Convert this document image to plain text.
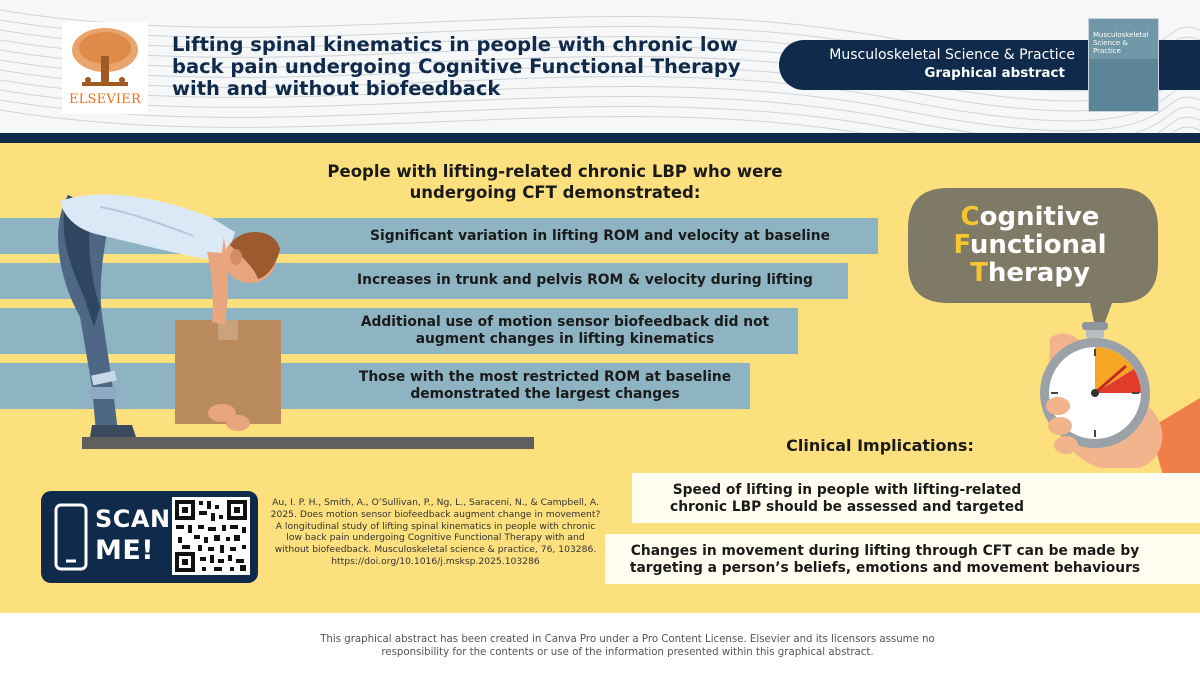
ELSEVIER
Lifting spinal kinematics in people with chronic low back pain undergoing Cognitive Functional Therapy with and without biofeedback
Musculoskeletal Science & Practice
Graphical abstract
Musculoskeletal Science & Practice
People with lifting-related chronic LBP who were undergoing CFT demonstrated:
Significant variation in lifting ROM and velocity at baseline
Increases in trunk and pelvis ROM & velocity during lifting
Additional use of motion sensor biofeedback did not augment changes in lifting kinematics
Those with the most restricted ROM at baseline demonstrated the largest changes
Cognitive
Functional
Therapy
Clinical Implications:
Speed of lifting in people with lifting-related chronic LBP should be assessed and targeted
Changes in movement during lifting through CFT can be made by targeting a person’s beliefs, emotions and movement behaviours
SCAN
ME!
Au, I. P. H., Smith, A., O’Sullivan, P., Ng, L., Saraceni, N., & Campbell, A. 2025. Does motion sensor biofeedback augment change in movement? A longitudinal study of lifting spinal kinematics in people with chronic low back pain undergoing Cognitive Functional Therapy with and without biofeedback. Musculoskeletal science & practice, 76, 103286. https://doi.org/10.1016/j.msksp.2025.103286
This graphical abstract has been created in Canva Pro under a Pro Content License. Elsevier and its licensors assume no responsibility for the contents or use of the information presented within this graphical abstract.
